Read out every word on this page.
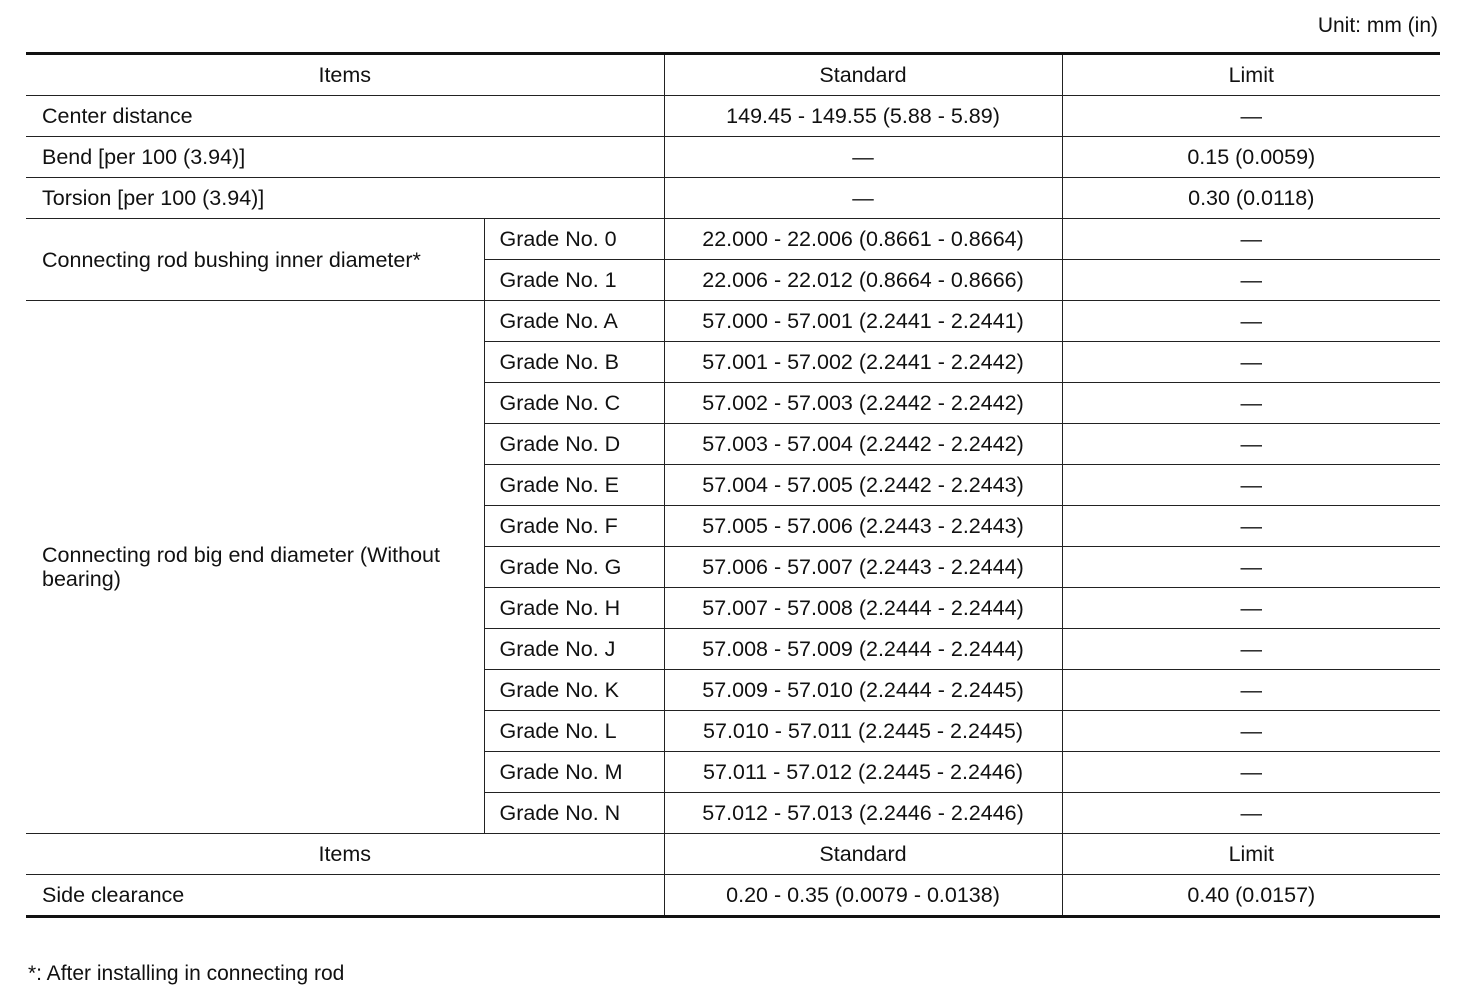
Unit: mm (in)
Items		Standard	Limit
Center distance		149.45 - 149.55 (5.88 - 5.89)	—
Bend [per 100 (3.94)]		—	0.15 (0.0059)
Torsion [per 100 (3.94)]		—	0.30 (0.0118)
Connecting rod bushing inner diameter*	Grade No. 0	22.000 - 22.006 (0.8661 - 0.8664)	—
	Grade No. 1	22.006 - 22.012 (0.8664 - 0.8666)	—
Connecting rod big end diameter (Without bearing)	Grade No. A	57.000 - 57.001 (2.2441 - 2.2441)	—
	Grade No. B	57.001 - 57.002 (2.2441 - 2.2442)	—
	Grade No. C	57.002 - 57.003 (2.2442 - 2.2442)	—
	Grade No. D	57.003 - 57.004 (2.2442 - 2.2442)	—
	Grade No. E	57.004 - 57.005 (2.2442 - 2.2443)	—
	Grade No. F	57.005 - 57.006 (2.2443 - 2.2443)	—
	Grade No. G	57.006 - 57.007 (2.2443 - 2.2444)	—
	Grade No. H	57.007 - 57.008 (2.2444 - 2.2444)	—
	Grade No. J	57.008 - 57.009 (2.2444 - 2.2444)	—
	Grade No. K	57.009 - 57.010 (2.2444 - 2.2445)	—
	Grade No. L	57.010 - 57.011 (2.2445 - 2.2445)	—
	Grade No. M	57.011 - 57.012 (2.2445 - 2.2446)	—
	Grade No. N	57.012 - 57.013 (2.2446 - 2.2446)	—
Items		Standard	Limit
Side clearance		0.20 - 0.35 (0.0079 - 0.0138)	0.40 (0.0157)
*: After installing in connecting rod
